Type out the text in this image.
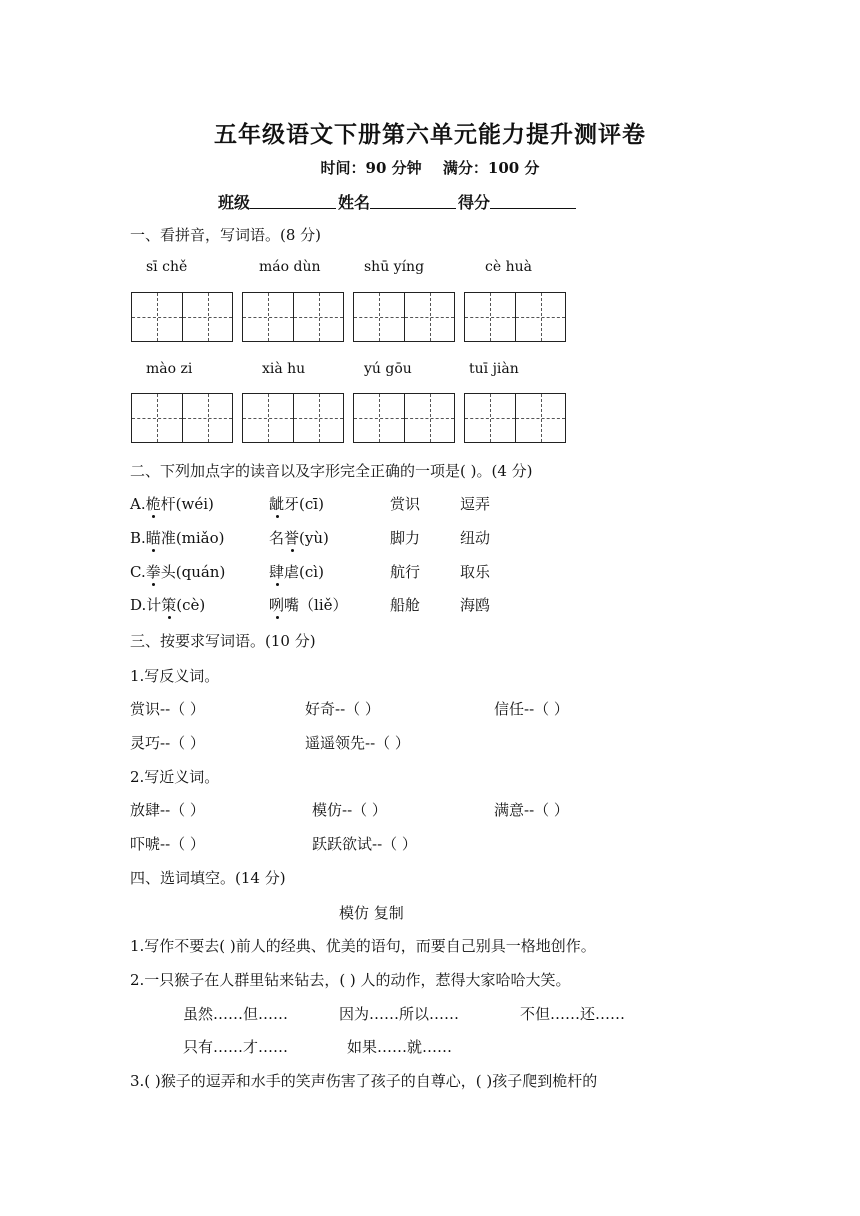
五年级语文下册第六单元能力提升测评卷
时间：90 分钟 满分：100 分
班级	姓名	得分
一、看拼音，写词语。(8 分)
sī chě	máo dùn	shū yíng	cè huà
mào zi	xià hu	yú gōu	tuī jiàn
二、下列加点字的读音以及字形完全正确的一项是( )。(4 分)
A.桅杆(wéi)	龇牙(cī)	赏识	逗弄
B.瞄准(miǎo)	名誉(yù)	脚力	纽动
C.拳头(quán)	肆虐(cì)	航行	取乐
D.计策(cè)	咧嘴（liě）	船舱	海鸥
三、按要求写词语。(10 分)
1.写反义词。
赏识--（ ）	好奇--（ ）	信任--（ ）
灵巧--（ ）	遥遥领先--（ ）
2.写近义词。
放肆--（ ）	模仿--（ ）	满意--（ ）
吓唬--（ ）	跃跃欲试--（ ）
四、选词填空。(14 分)
模仿 复制
1.写作不要去( )前人的经典、优美的语句，而要自己别具一格地创作。
2.一只猴子在人群里钻来钻去，( ) 人的动作，惹得大家哈哈大笑。
虽然……但……	因为……所以……	不但……还……
只有……才……	如果……就……
3.( )猴子的逗弄和水手的笑声伤害了孩子的自尊心，( )孩子爬到桅杆的
